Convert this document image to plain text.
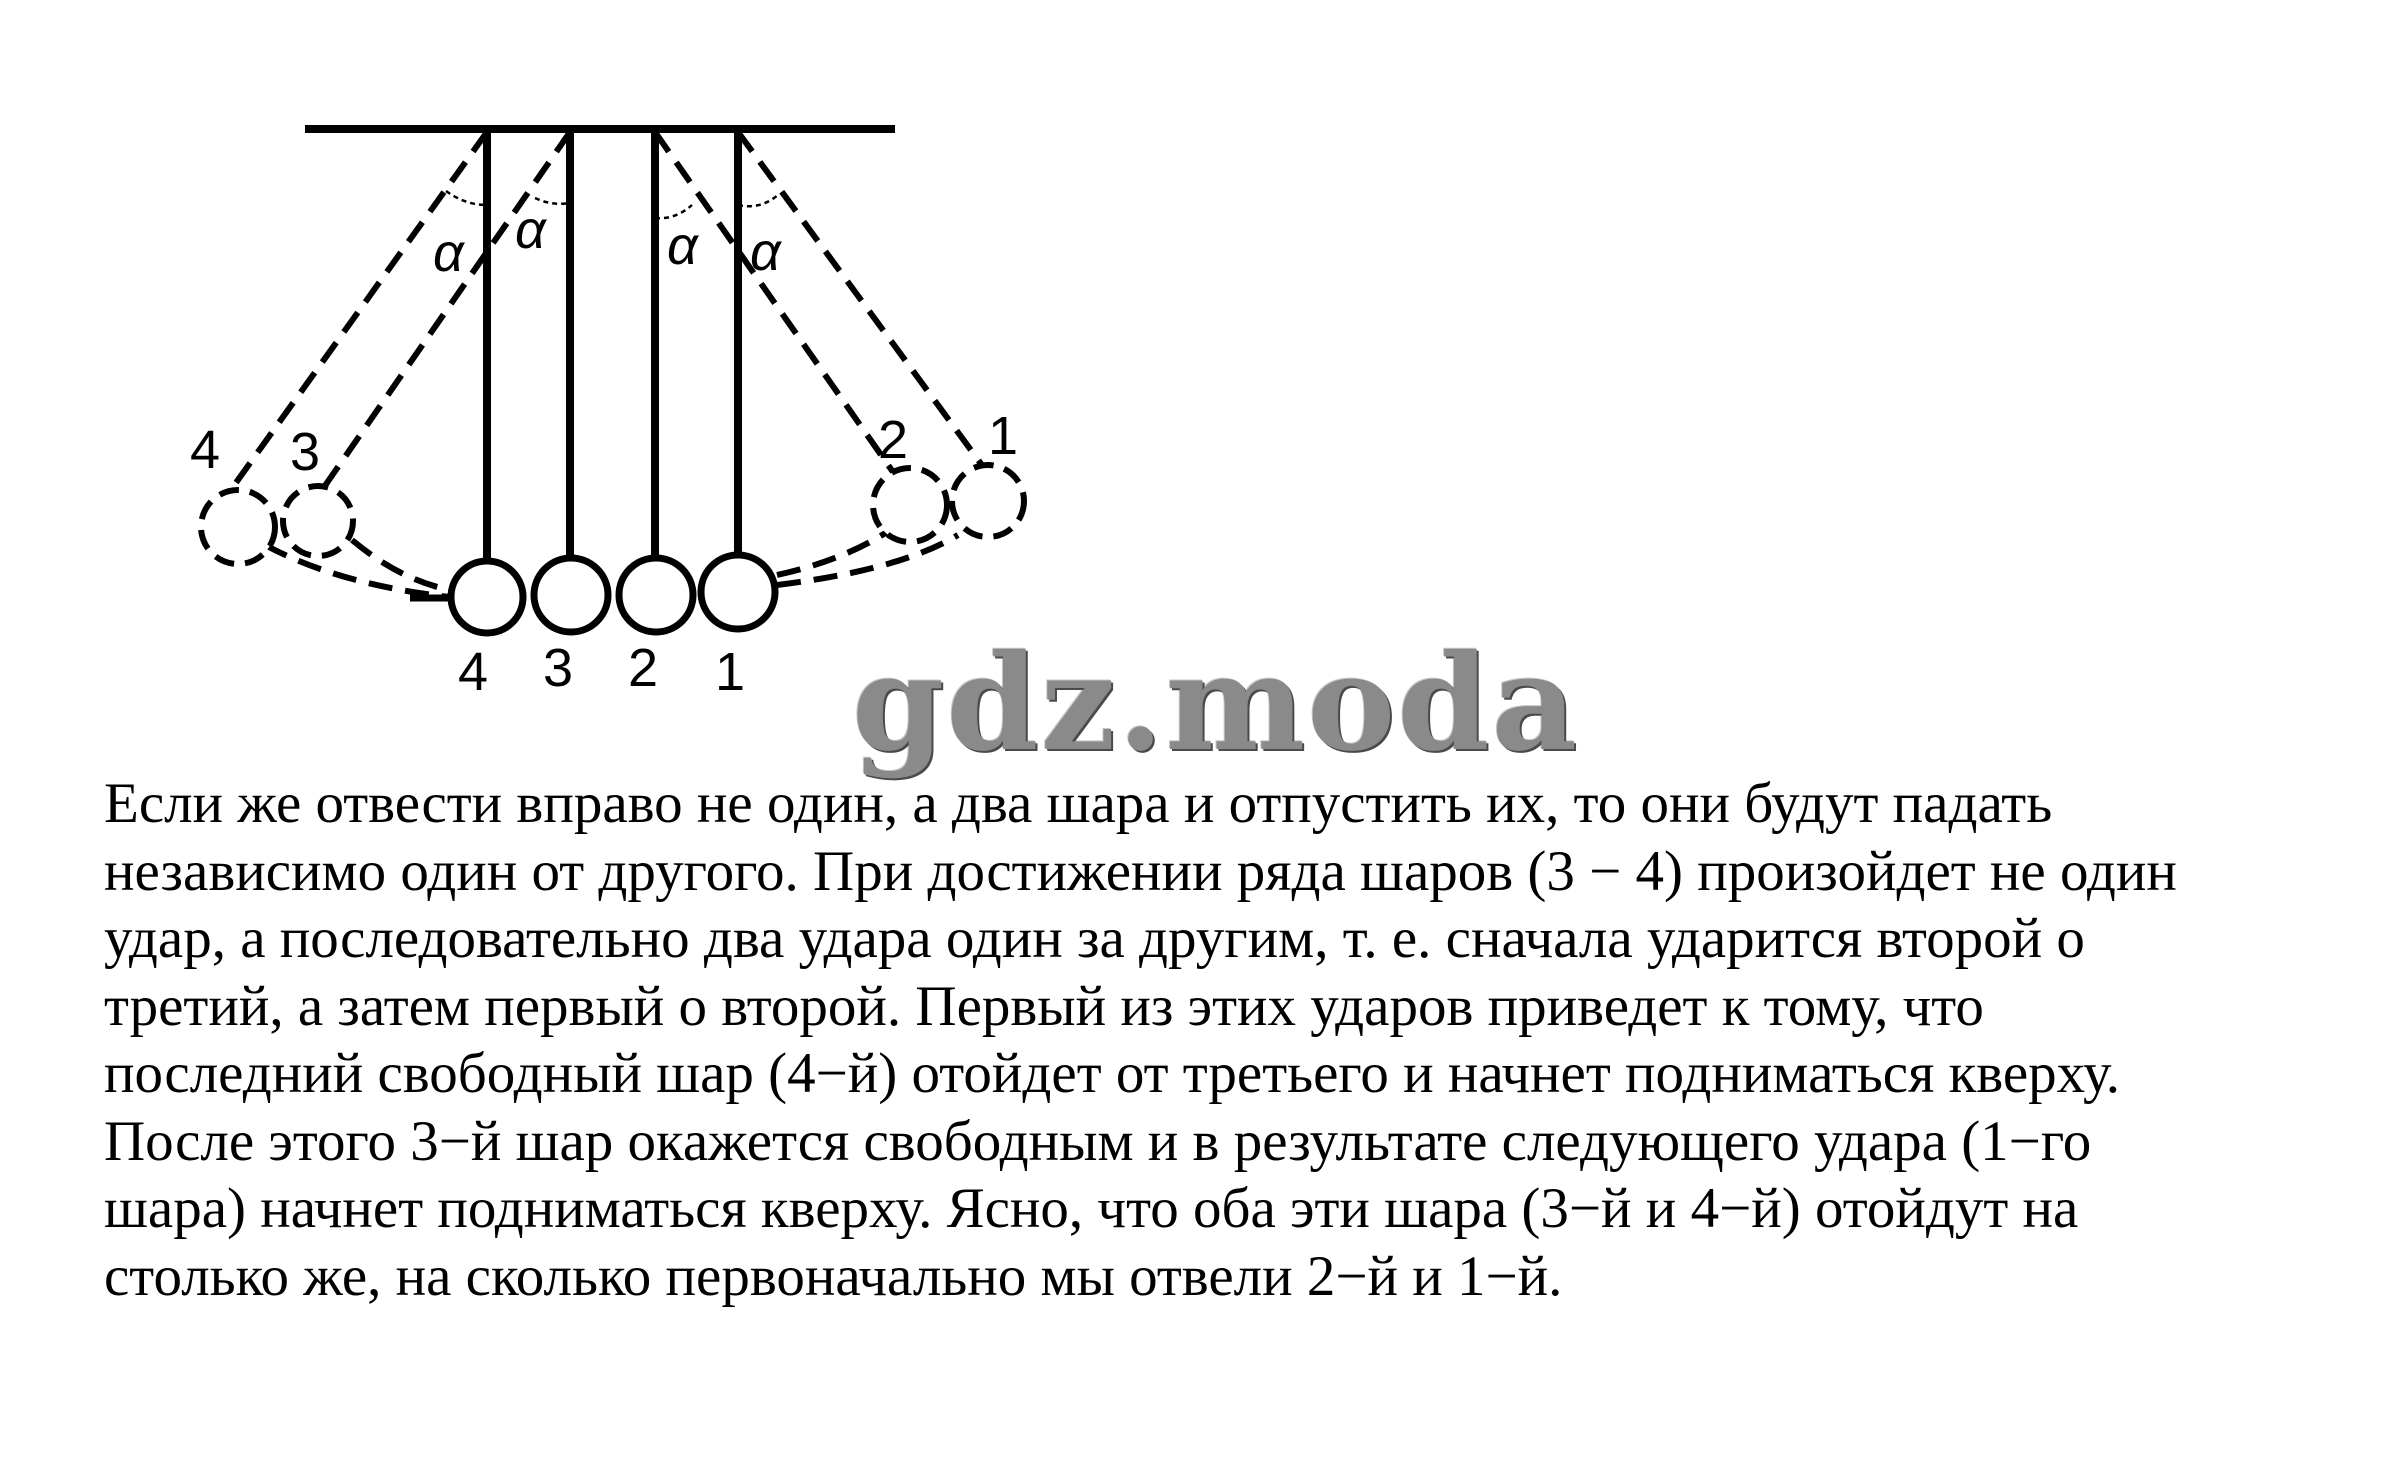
α α α α
4 3	2 1
4 3 2 1 gdz.moda
Если же отвести вправо не один, а два шара и отпустить их, то они будут падать
независимо один от другого. При достижении ряда шаров (3 − 4) произойдет не один
удар, а последовательно два удара один за другим, т. е. сначала ударится второй о
третий, а затем первый о второй. Первый из этих ударов приведет к тому, что
последний свободный шар (4−й) отойдет от третьего и начнет подниматься кверху.
После этого 3−й шар окажется свободным и в результате следующего удара (1−го
шара) начнет подниматься кверху. Ясно, что оба эти шара (3−й и 4−й) отойдут на
столько же, на сколько первоначально мы отвели 2−й и 1−й.
